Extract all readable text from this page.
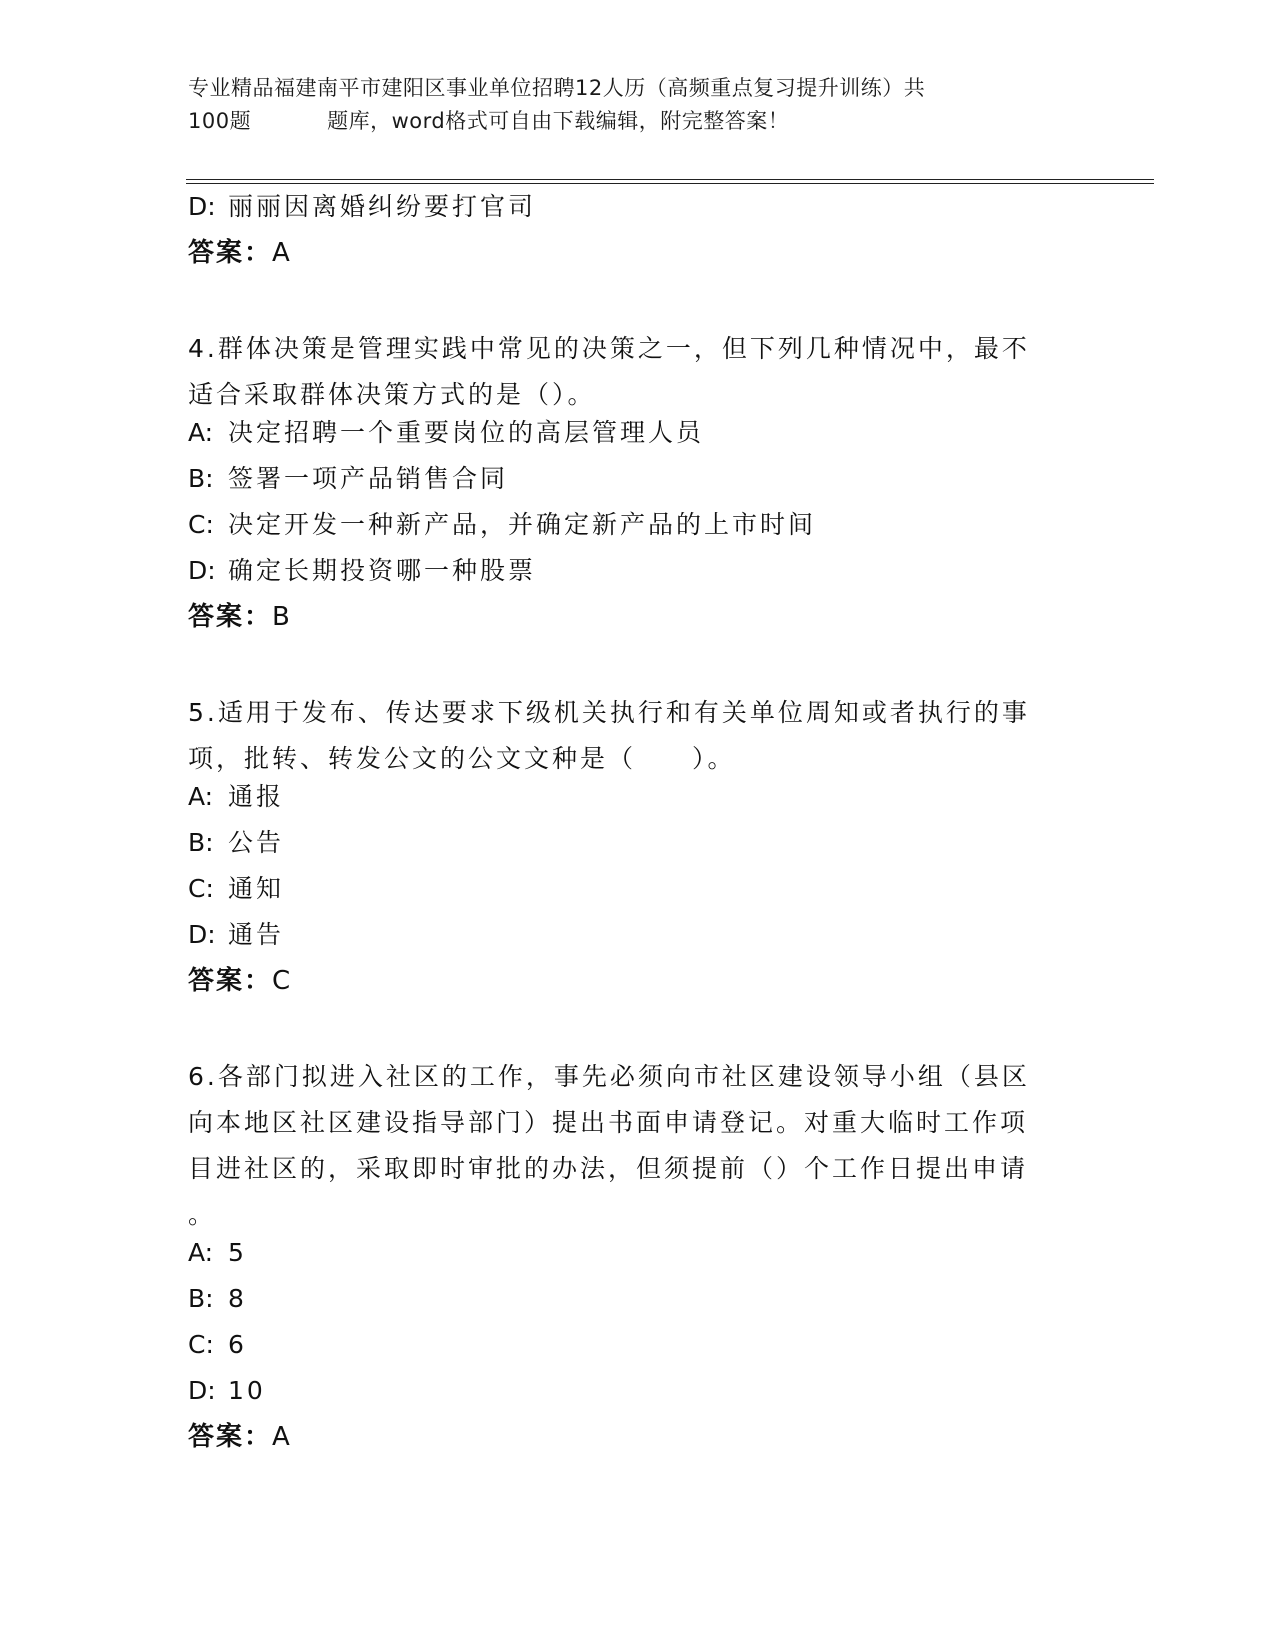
专业精品福建南平市建阳区事业单位招聘12人历（高频重点复习提升训练）共
100题	题库，word格式可自由下载编辑，附完整答案！
D: 丽丽因离婚纠纷要打官司
答案：A
4.群体决策是管理实践中常见的决策之一，但下列几种情况中，最不
适合采取群体决策方式的是（）。
A: 决定招聘一个重要岗位的高层管理人员
B: 签署一项产品销售合同
C: 决定开发一种新产品，并确定新产品的上市时间
D: 确定长期投资哪一种股票
答案：B
5.适用于发布、传达要求下级机关执行和有关单位周知或者执行的事
项，批转、转发公文的公文文种是（　　）。
A: 通报
B: 公告
C: 通知
D: 通告
答案：C
6.各部门拟进入社区的工作，事先必须向市社区建设领导小组（县区
向本地区社区建设指导部门）提出书面申请登记。对重大临时工作项
目进社区的，采取即时审批的办法，但须提前（）个工作日提出申请
。
A: 5
B: 8
C: 6
D: 10
答案：A
